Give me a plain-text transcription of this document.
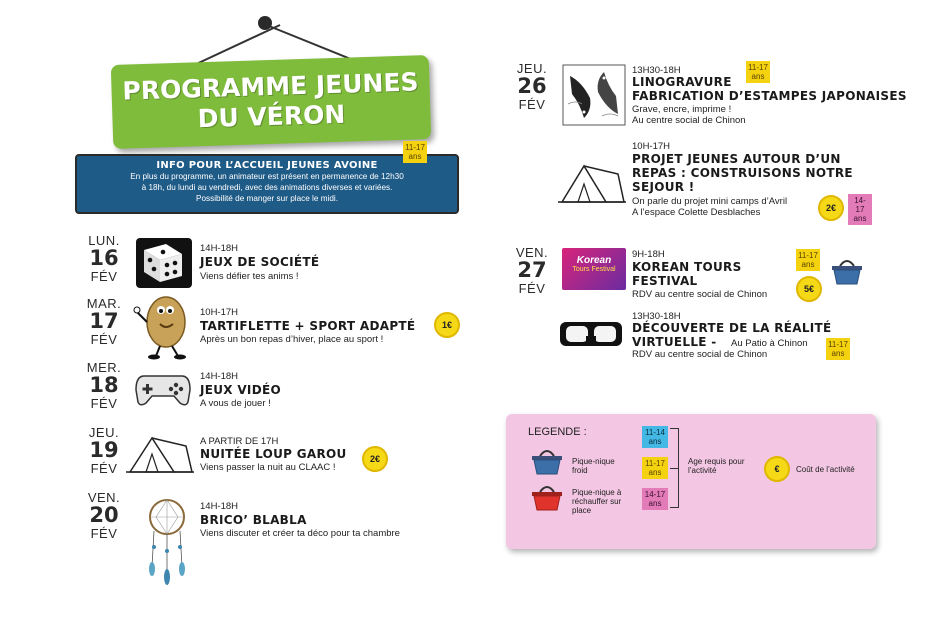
PROGRAMME JEUNES
DU VÉRON
INFO POUR L’ACCUEIL JEUNES AVOINE
En plus du programme, un animateur est présent en permanence de 12h30
à 18h, du lundi au vendredi, avec des animations diverses et variées.
Possibilité de manger sur place le midi.
11-17 ans
LUN.
16
FÉV
14H-18H
JEUX DE SOCIÉTÉ
Viens défier tes anims !
MAR.
17
FÉV
10H-17H
TARTIFLETTE + SPORT ADAPTÉ
Après un bon repas d’hiver, place au sport !
1€
MER.
18
FÉV
14H-18H
JEUX VIDÉO
A vous de jouer !
JEU.
19
FÉV
A PARTIR DE 17H
NUITÉE LOUP GAROU
Viens passer la nuit au CLAAC !
2€
VEN.
20
FÉV
14H-18H
BRICO’ BLABLA
Viens discuter et créer ta déco pour ta chambre
JEU.
26
FÉV
13H30-18H	11-17 ans
LINOGRAVURE
FABRICATION D’ESTAMPES JAPONAISES
Grave, encre, imprime !
Au centre social de Chinon
10H-17H
PROJET JEUNES AUTOUR D’UN
REPAS : CONSTRUISONS NOTRE
SEJOUR !
On parle du projet mini camps d’Avril
A l’espace Colette Desblaches	2€
14-17 ans
VEN.
27
FÉV
Korean
Tours Festival
9H-18H
KOREAN TOURS
FESTIVAL
RDV au centre social de Chinon
11-17 ans
5€
13H30-18H
DÉCOUVERTE DE LA RÉALITÉ
VIRTUELLE - Au Patio à Chinon
RDV au centre social de Chinon
11-17 ans
LEGENDE :
Pique-nique froid
Pique-nique à réchauffer sur place
11-14 ans
11-17 ans
14-17 ans
Age requis pour l’activité	€	Coût de l’activité
